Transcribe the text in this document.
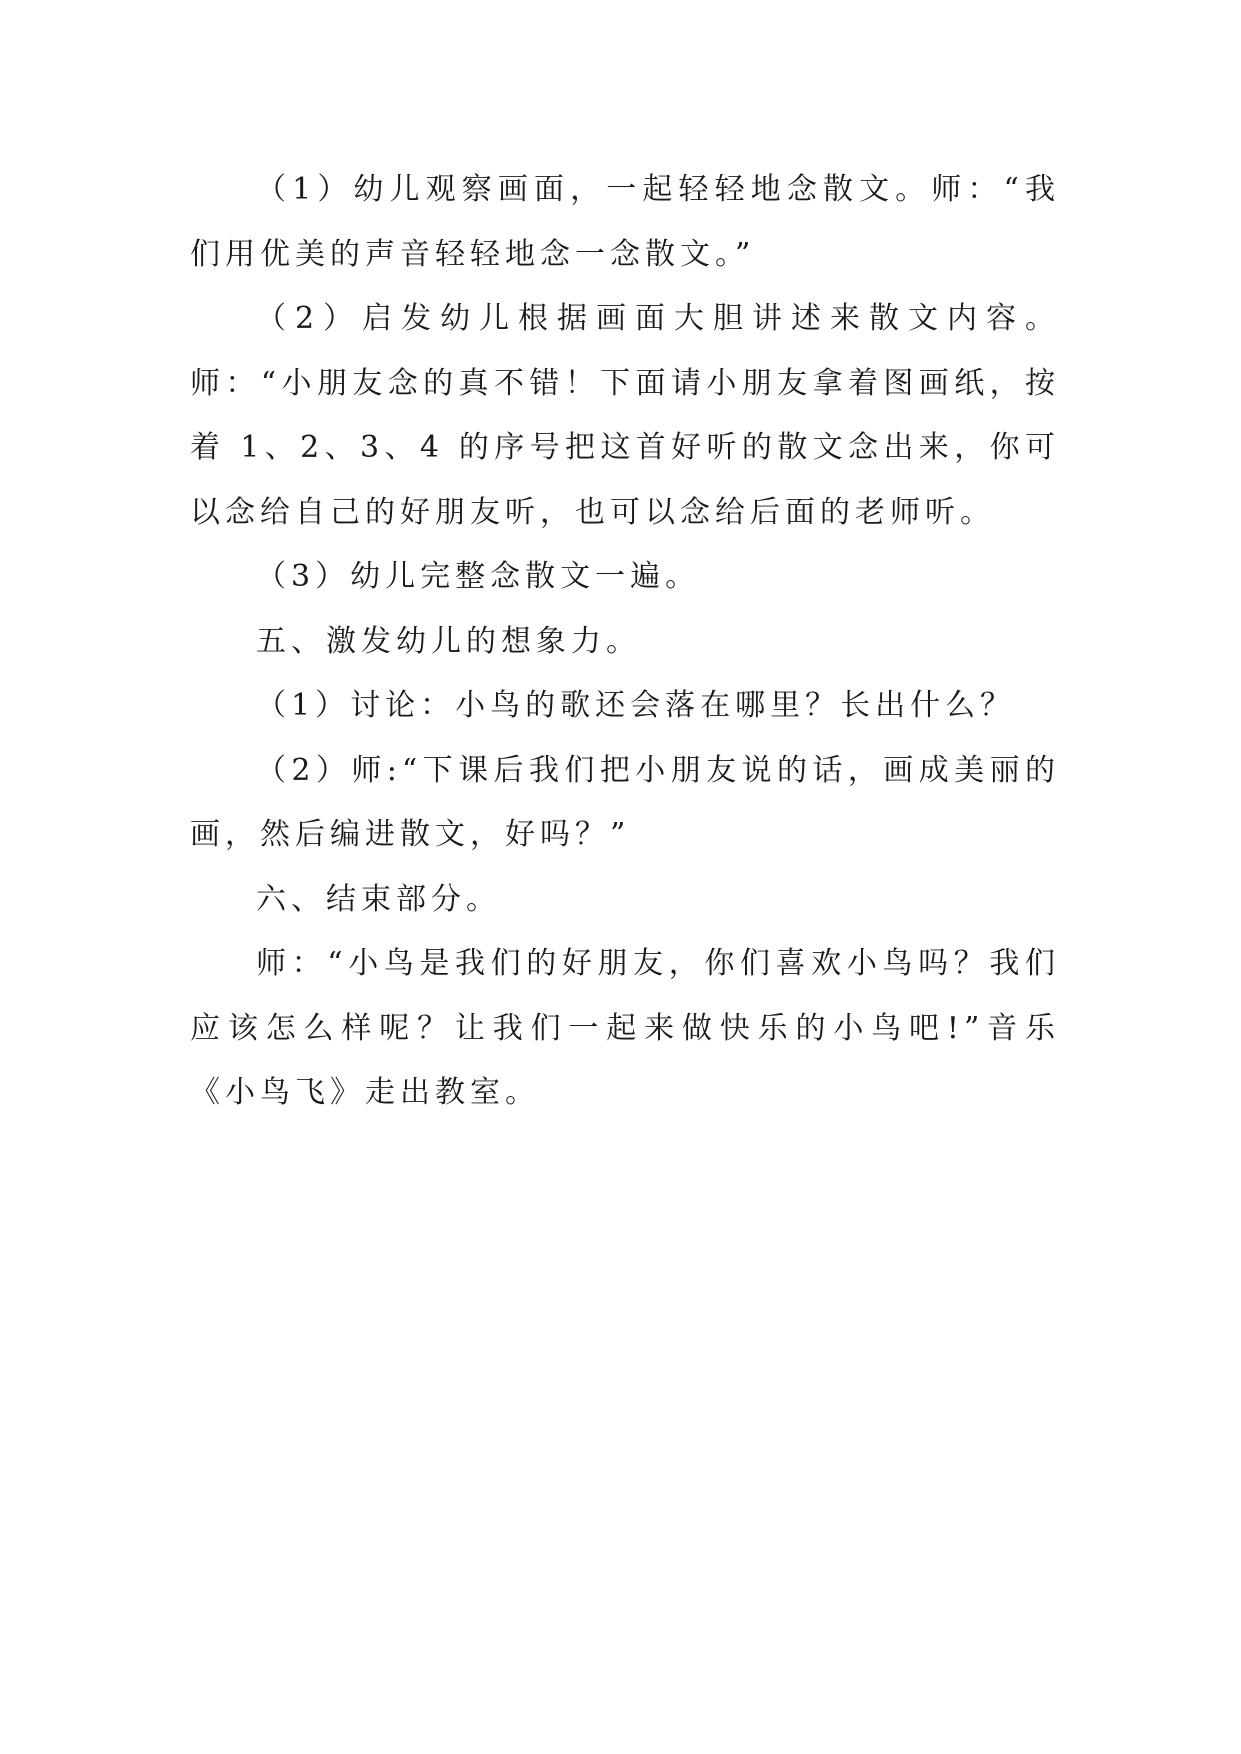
（1）幼儿观察画面，一起轻轻地念散文。师：“我们用优美的声音轻轻地念一念散文。”

（2）启发幼儿根据画面大胆讲述来散文内容。师：“小朋友念的真不错！下面请小朋友拿着图画纸，按着 1、2、3、4 的序号把这首好听的散文念出来，你可以念给自己的好朋友听，也可以念给后面的老师听。

（3）幼儿完整念散文一遍。

五、激发幼儿的想象力。

（1）讨论：小鸟的歌还会落在哪里？长出什么？

（2）师:“下课后我们把小朋友说的话，画成美丽的画，然后编进散文，好吗？”

六、结束部分。

师：“小鸟是我们的好朋友，你们喜欢小鸟吗？我们应该怎么样呢？让我们一起来做快乐的小鸟吧!”音乐《小鸟飞》走出教室。
